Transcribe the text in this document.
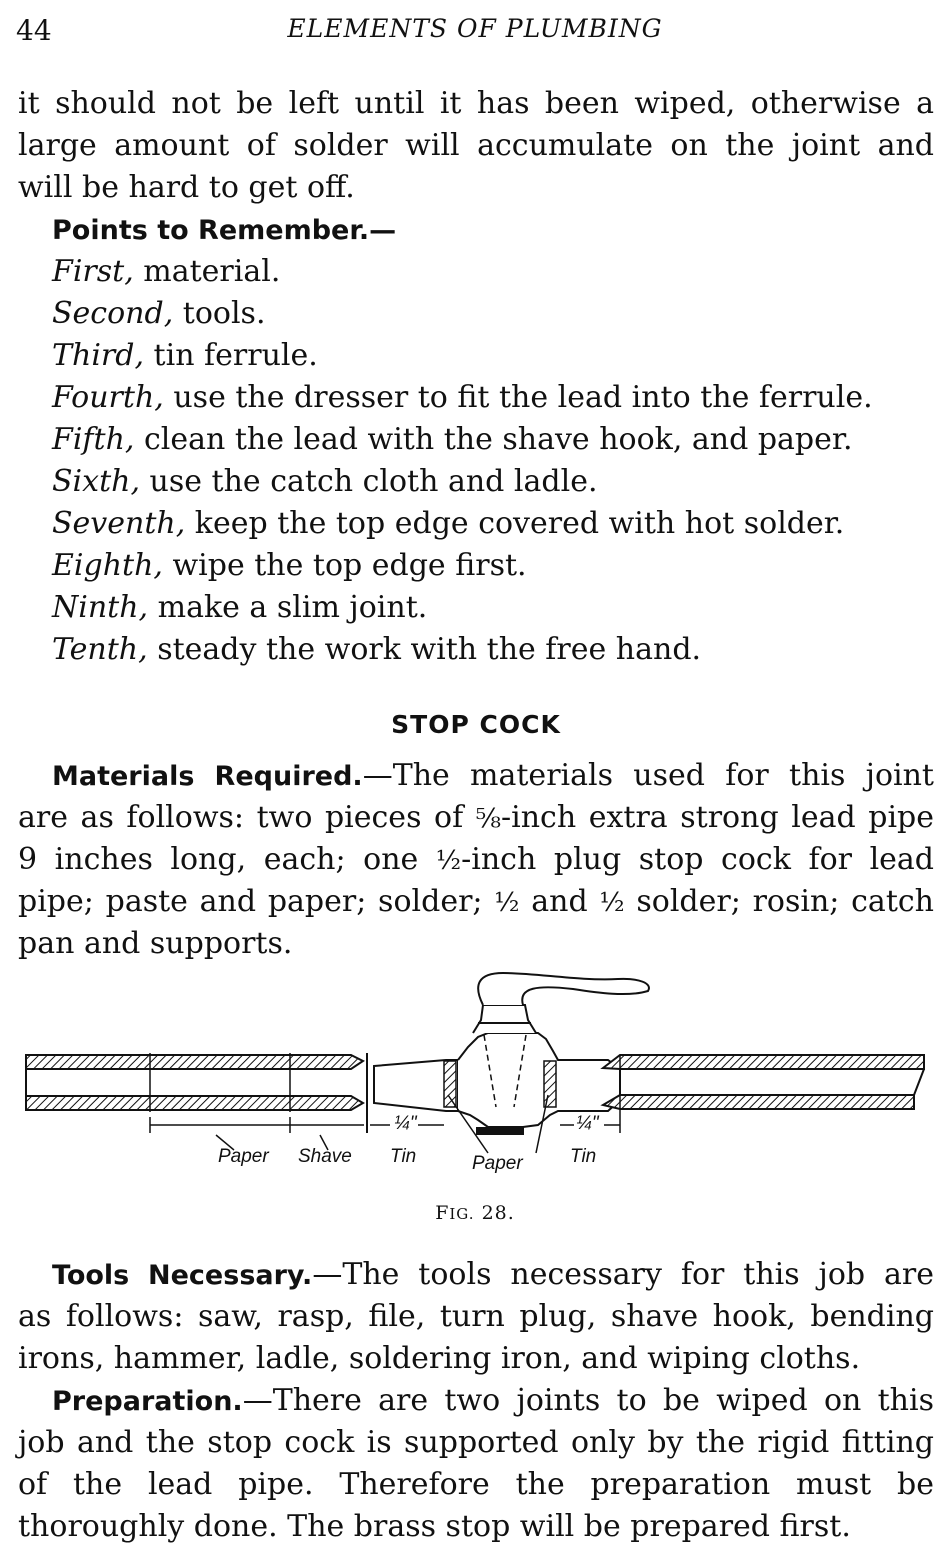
44	ELEMENTS OF PLUMBING
it should not be left until it has been wiped, otherwise a
large amount of solder will accumulate on the joint and
will be hard to get off.
Points to Remember.—
First, material.
Second, tools.
Third, tin ferrule.
Fourth, use the dresser to fit the lead into the ferrule.
Fifth, clean the lead with the shave hook, and paper.
Sixth, use the catch cloth and ladle.
Seventh, keep the top edge covered with hot solder.
Eighth, wipe the top edge first.
Ninth, make a slim joint.
Tenth, steady the work with the free hand.
STOP COCK
Materials Required.—The materials used for this joint
are as follows: two pieces of ⅝-inch extra strong lead pipe
9 inches long, each; one ½-inch plug stop cock for lead
pipe; paste and paper; solder; ½ and ½ solder; rosin; catch
pan and supports.
Paper Shave
¼"
Tin	Paper
¼"
Tin
FIG. 28.
Tools Necessary.—The tools necessary for this job are
as follows: saw, rasp, file, turn plug, shave hook, bending
irons, hammer, ladle, soldering iron, and wiping cloths.
Preparation.—There are two joints to be wiped on this
job and the stop cock is supported only by the rigid fitting
of the lead pipe. Therefore the preparation must be
thoroughly done. The brass stop will be prepared first.
